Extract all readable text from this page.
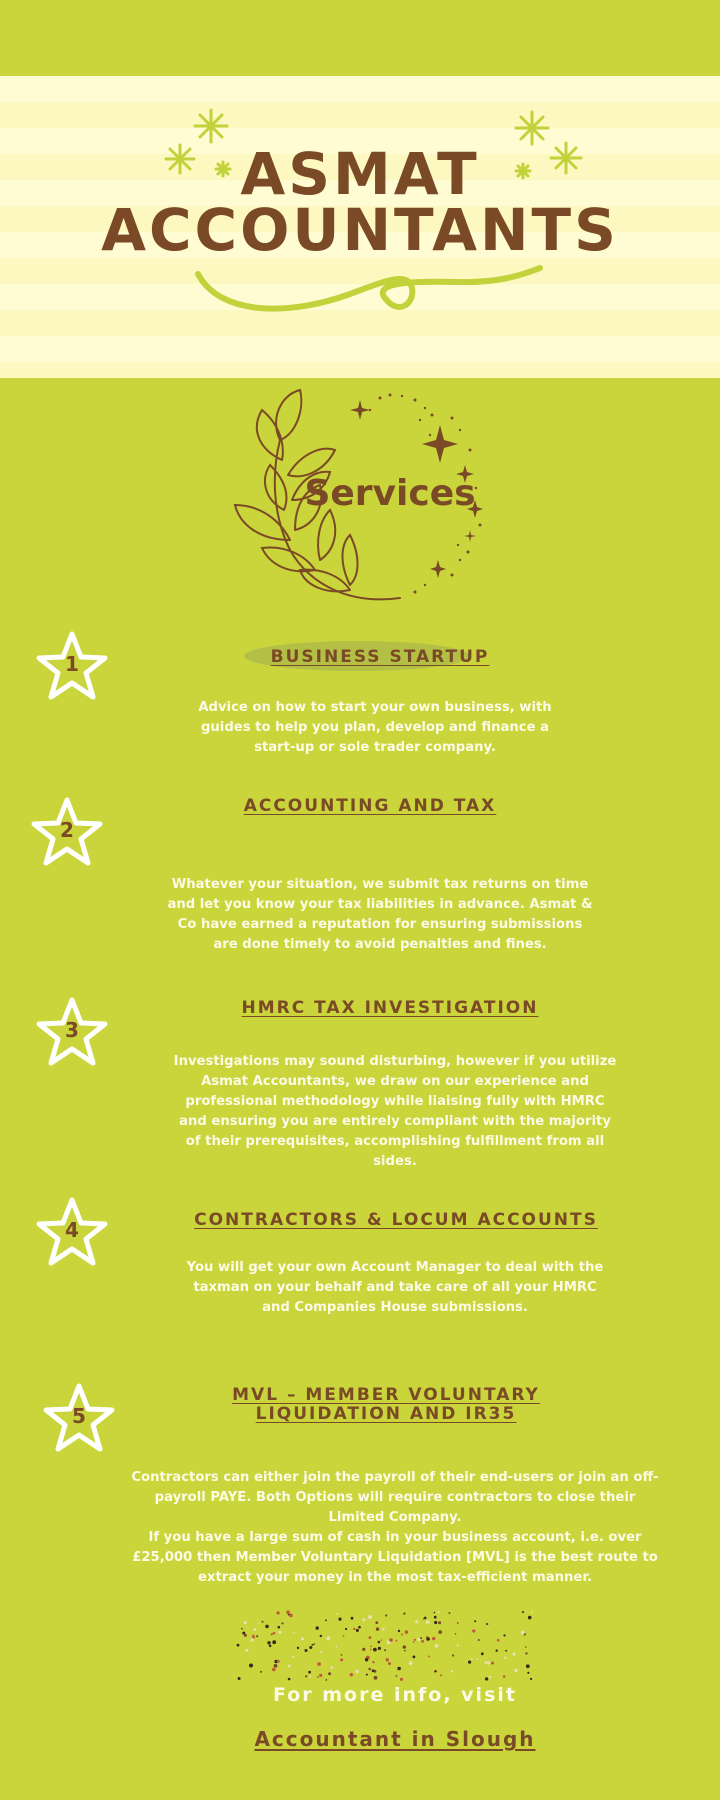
ASMAT
ACCOUNTANTS
Services
1	BUSINESS STARTUP
Advice on how to start your own business, with
guides to help you plan, develop and finance a
start-up or sole trader company.
2
ACCOUNTING AND TAX
Whatever your situation, we submit tax returns on time
and let you know your tax liabilities in advance. Asmat &
Co have earned a reputation for ensuring submissions
are done timely to avoid penalties and fines.
3
HMRC TAX INVESTIGATION
Investigations may sound disturbing, however if you utilize
Asmat Accountants, we draw on our experience and
professional methodology while liaising fully with HMRC
and ensuring you are entirely compliant with the majority
of their prerequisites, accomplishing fulfillment from all
sides.
4	CONTRACTORS & LOCUM ACCOUNTS
You will get your own Account Manager to deal with the
taxman on your behalf and take care of all your HMRC
and Companies House submissions.
5
MVL – MEMBER VOLUNTARY
LIQUIDATION AND IR35
Contractors can either join the payroll of their end-users or join an off-
payroll PAYE. Both Options will require contractors to close their
Limited Company.
If you have a large sum of cash in your business account, i.e. over
£25,000 then Member Voluntary Liquidation [MVL] is the best route to
extract your money in the most tax-efficient manner.
For more info, visit
Accountant in Slough
